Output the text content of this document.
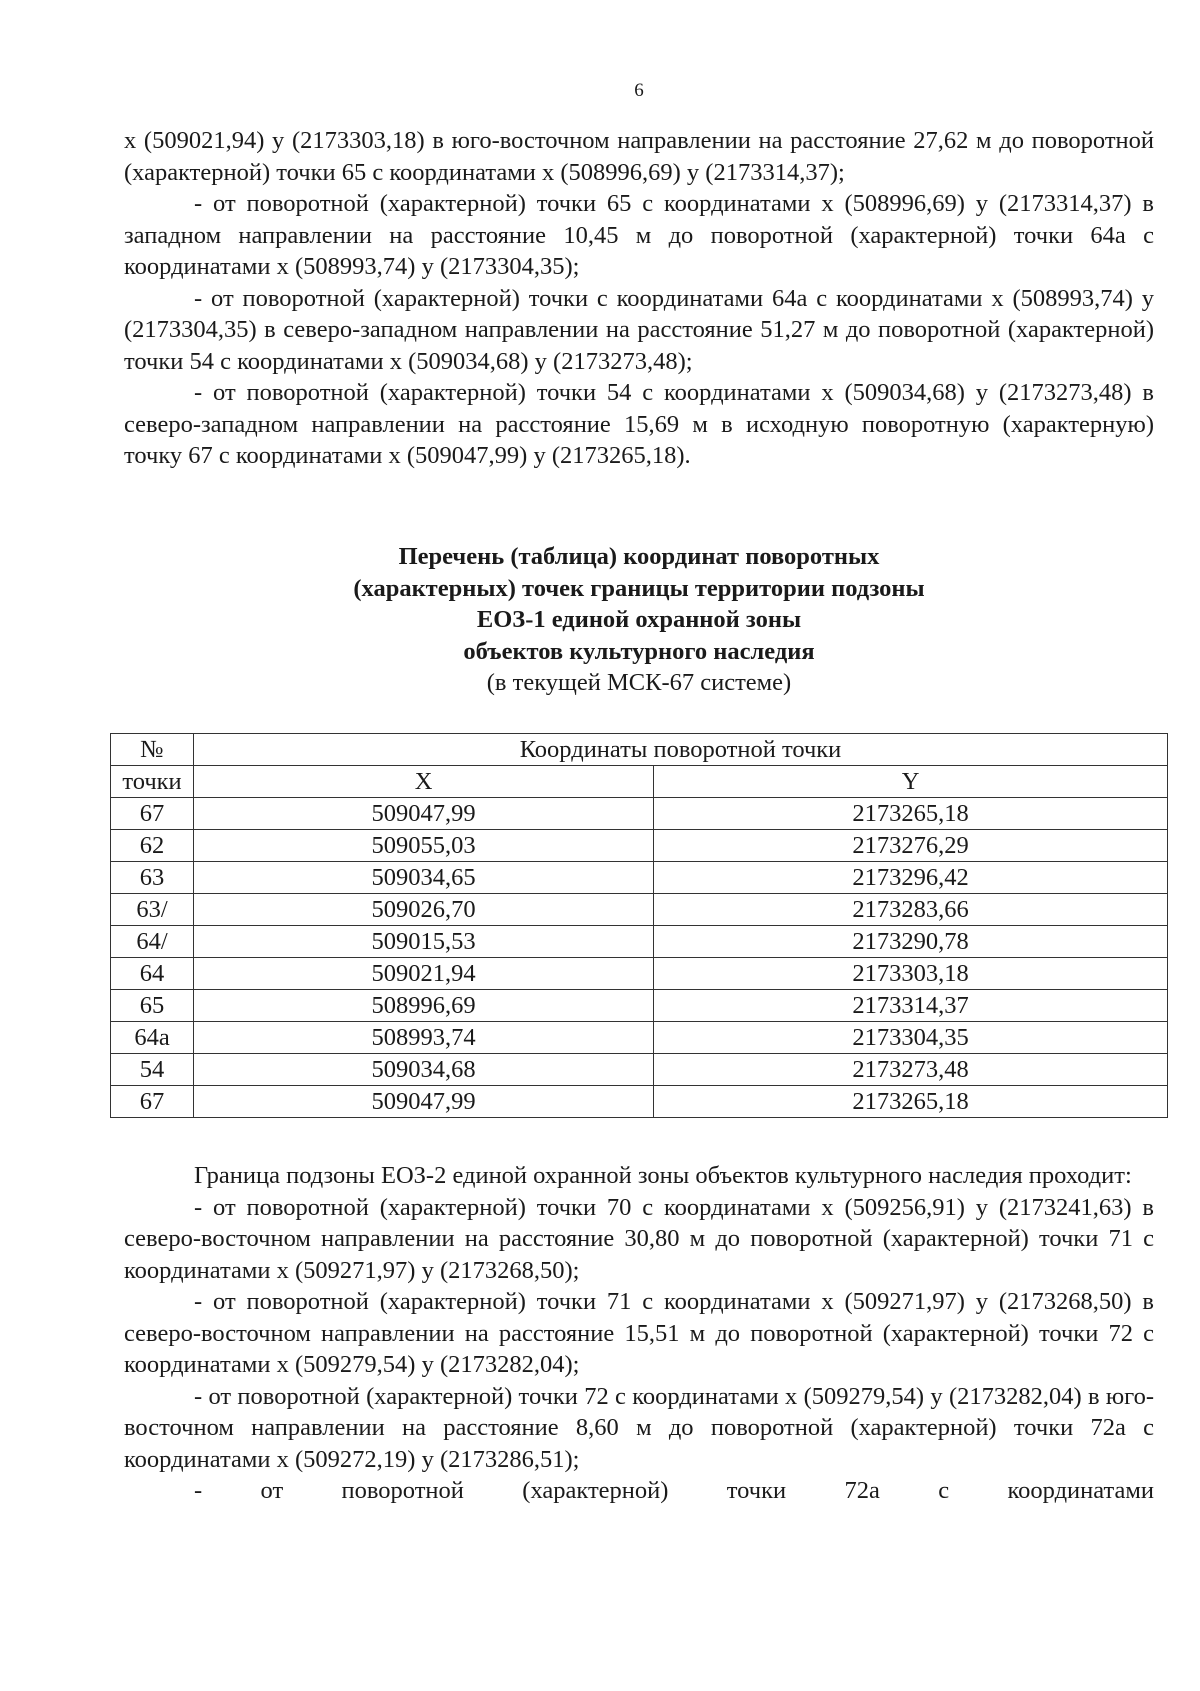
6

x (509021,94) y (2173303,18) в юго-восточном направлении на расстояние 27,62 м до поворотной (характерной) точки 65 с координатами x (508996,69) y (2173314,37);

- от поворотной (характерной) точки 65 с координатами x (508996,69) y (2173314,37) в западном направлении на расстояние 10,45 м до поворотной (характерной) точки 64а с координатами x (508993,74) y (2173304,35);

- от поворотной (характерной) точки с координатами 64а с координатами x (508993,74) y (2173304,35) в северо-западном направлении на расстояние 51,27 м до поворотной (характерной) точки 54 с координатами x (509034,68) y (2173273,48);

- от поворотной (характерной) точки 54 с координатами x (509034,68) y (2173273,48) в северо-западном направлении на расстояние 15,69 м в исходную поворотную (характерную) точку 67 с координатами x (509047,99) y (2173265,18).

Перечень (таблица) координат поворотных
(характерных) точек границы территории подзоны
ЕОЗ-1 единой охранной зоны
объектов культурного наследия
(в текущей МСК-67 системе)
№	Координаты поворотной точки	
точки	X	Y
67	509047,99	2173265,18
62	509055,03	2173276,29
63	509034,65	2173296,42
63/	509026,70	2173283,66
64/	509015,53	2173290,78
64	509021,94	2173303,18
65	508996,69	2173314,37
64а	508993,74	2173304,35
54	509034,68	2173273,48
67	509047,99	2173265,18

Граница подзоны ЕОЗ-2 единой охранной зоны объектов культурного наследия проходит:

- от поворотной (характерной) точки 70 с координатами x (509256,91) y (2173241,63) в северо-восточном направлении на расстояние 30,80 м до поворотной (характерной) точки 71 с координатами x (509271,97) y (2173268,50);

- от поворотной (характерной) точки 71 с координатами x (509271,97) y (2173268,50) в северо-восточном направлении на расстояние 15,51 м до поворотной (характерной) точки 72 с координатами x (509279,54) y (2173282,04);

- от поворотной (характерной) точки 72 с координатами x (509279,54) y (2173282,04) в юго-восточном направлении на расстояние 8,60 м до поворотной (характерной) точки 72а с координатами x (509272,19) y (2173286,51);

- от поворотной (характерной) точки 72а с координатами
